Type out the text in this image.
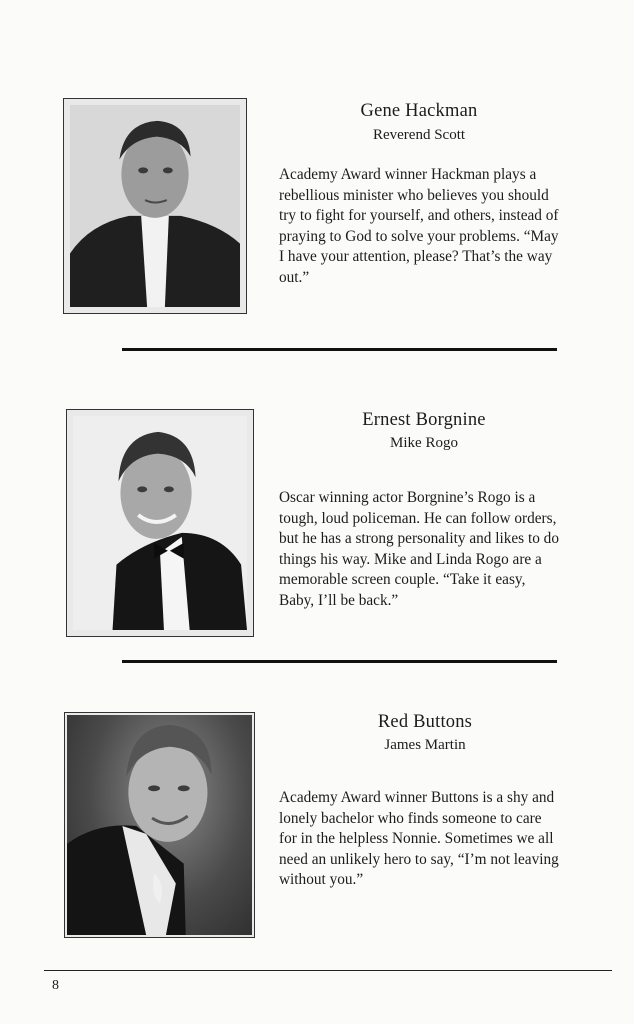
Gene Hackman
Reverend Scott

Academy Award winner Hackman plays a rebellious minister who believes you should try to fight for yourself, and others, instead of praying to God to solve your problems. “May I have your attention, please? That’s the way out.”

Ernest Borgnine
Mike Rogo

Oscar winning actor Borgnine’s Rogo is a tough, loud policeman. He can follow orders, but he has a strong personality and likes to do things his way. Mike and Linda Rogo are a memorable screen couple. “Take it easy, Baby, I’ll be back.”

Red Buttons
James Martin

Academy Award winner Buttons is a shy and lonely bachelor who finds someone to care for in the helpless Nonnie. Sometimes we all need an unlikely hero to say, “I’m not leaving without you.”

8
